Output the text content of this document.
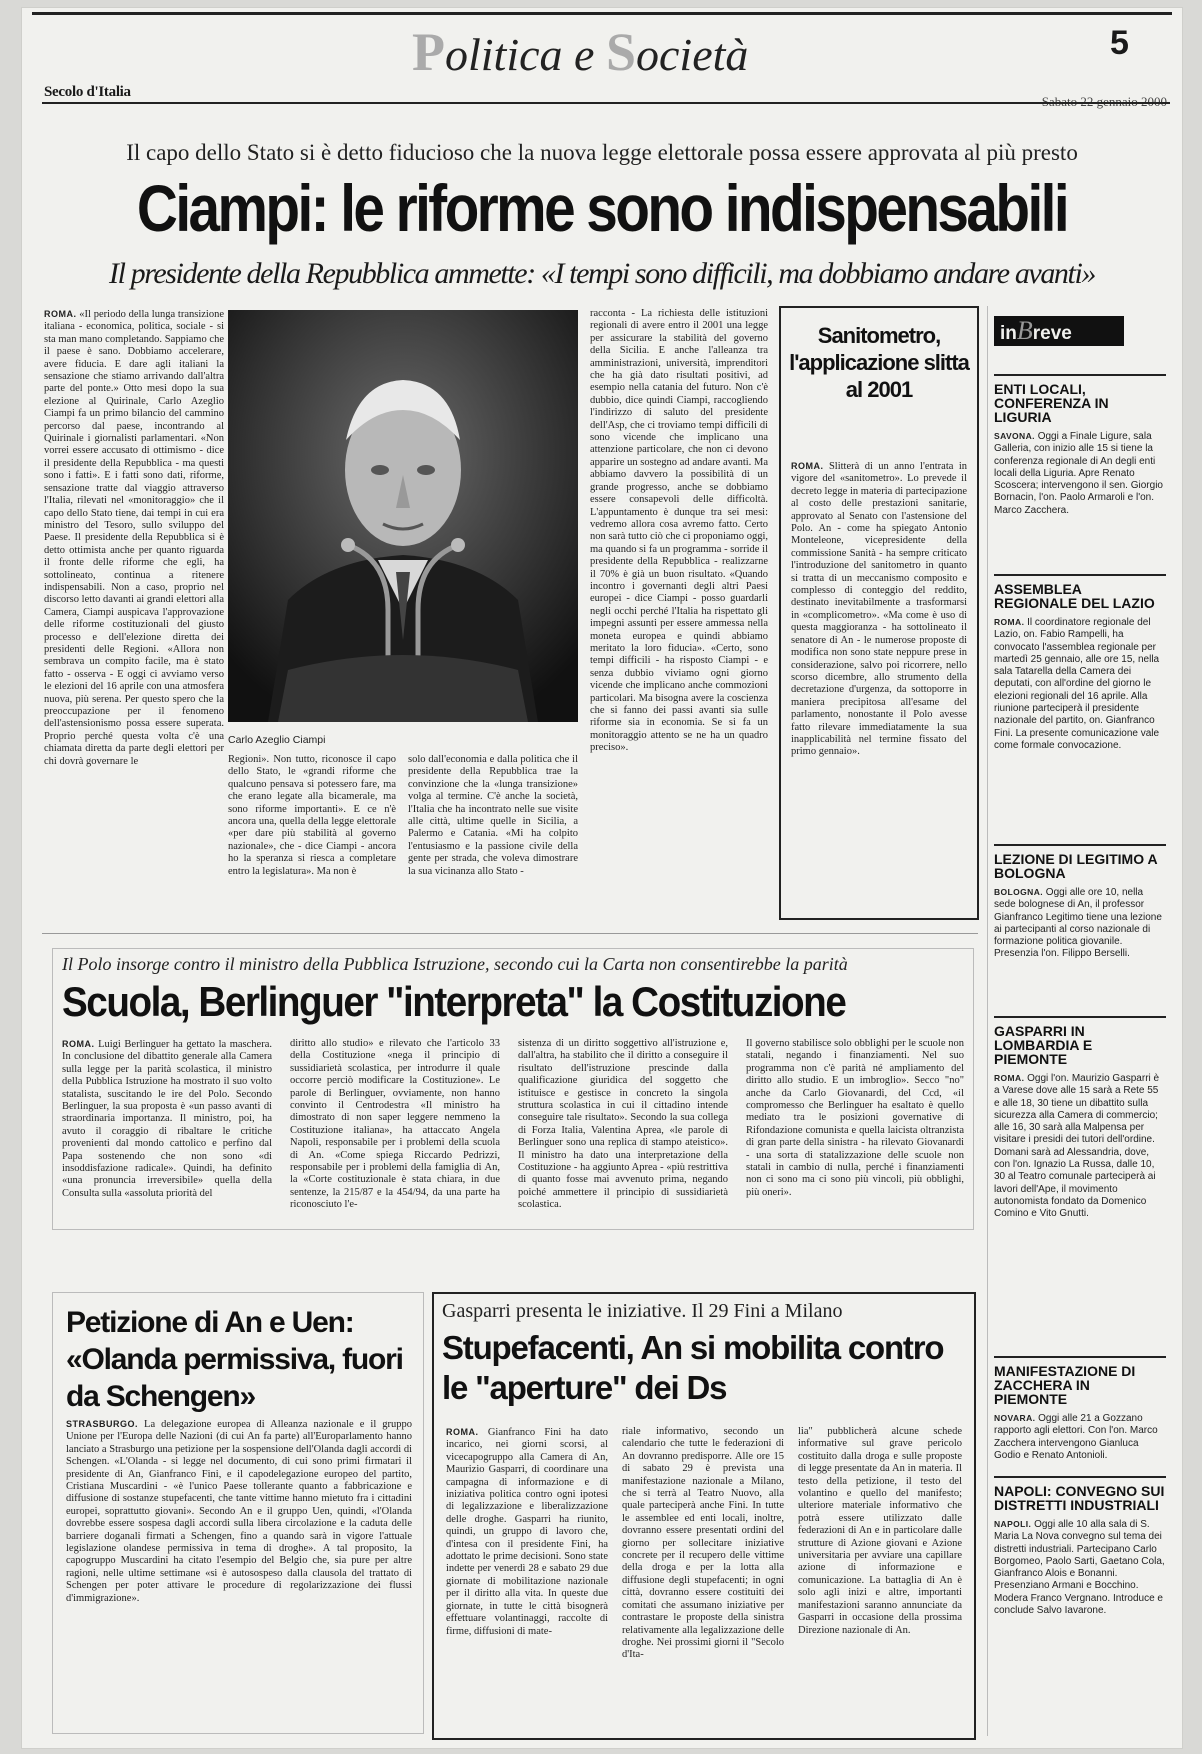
Politica e Società	5
Secolo d'Italia
Il capo dello Stato si è detto fiducioso che la nuova legge elettorale possa essere approvata al più presto
Ciampi: le riforme sono indispensabili
Il presidente della Repubblica ammette: «I tempi sono difficili, ma dobbiamo andare avanti»
ROMA. «Il periodo della lunga transizione italiana - economica, politica, sociale - si sta man mano completando. Sappiamo che il paese è sano. Dobbiamo accelerare, avere fiducia. E dare agli italiani la sensazione che stiamo arrivando dall'altra parte del ponte.» Otto mesi dopo la sua elezione al Quirinale, Carlo Azeglio Ciampi fa un primo bilancio del cammino percorso dal paese, incontrando al Quirinale i giornalisti parlamentari. «Non vorrei essere accusato di ottimismo - dice il presidente della Repubblica - ma questi sono i fatti». E i fatti sono dati, riforme, sensazione tratte dal viaggio attraverso l'Italia, rilevati nel «monitoraggio» che il capo dello Stato tiene, dai tempi in cui era ministro del Tesoro, sullo sviluppo del Paese. Il presidente della Repubblica si è detto ottimista anche per quanto riguarda il fronte delle riforme che egli, ha sottolineato, continua a ritenere indispensabili. Non a caso, proprio nel discorso letto davanti ai grandi elettori alla Camera, Ciampi auspicava l'approvazione delle riforme costituzionali del giusto processo e dell'elezione diretta dei presidenti delle Regioni. «Allora non sembrava un compito facile, ma è stato fatto - osserva - E oggi ci avviamo verso le elezioni del 16 aprile con una atmosfera nuova, più serena. Per questo spero che la preoccupazione per il fenomeno dell'astensionismo possa essere superata. Proprio perché questa volta c'è una chiamata diretta da parte degli elettori per chi dovrà governare le
Carlo Azeglio Ciampi
Regioni». Non tutto, riconosce il capo dello Stato, le «grandi riforme che qualcuno pensava si potessero fare, ma che erano legate alla bicamerale, ma sono riforme importanti». E ce n'è ancora una, quella della legge elettorale «per dare più stabilità al governo nazionale», che - dice Ciampi - ancora ho la speranza si riesca a completare entro la legislatura». Ma non è
solo dall'economia e dalla politica che il presidente della Repubblica trae la convinzione che la «lunga transizione» volga al termine. C'è anche la società, l'Italia che ha incontrato nelle sue visite alle città, ultime quelle in Sicilia, a Palermo e Catania. «Mi ha colpito l'entusiasmo e la passione civile della gente per strada, che voleva dimostrare la sua vicinanza allo Stato -
racconta - La richiesta delle istituzioni regionali di avere entro il 2001 una legge per assicurare la stabilità del governo della Sicilia. E anche l'alleanza tra amministrazioni, università, imprenditori che ha già dato risultati positivi, ad esempio nella catania del futuro. Non c'è dubbio, dice quindi Ciampi, raccogliendo l'indirizzo di saluto del presidente dell'Asp, che ci troviamo tempi difficili di sono vicende che implicano una attenzione particolare, che non ci devono apparire un sostegno ad andare avanti. Ma abbiamo davvero la possibilità di un grande progresso, anche se dobbiamo essere consapevoli delle difficoltà. L'appuntamento è dunque tra sei mesi: vedremo allora cosa avremo fatto. Certo non sarà tutto ciò che ci proponiamo oggi, ma quando si fa un programma - sorride il presidente della Repubblica - realizzarne il 70% è già un buon risultato. «Quando incontro i governanti degli altri Paesi europei - dice Ciampi - posso guardarli negli occhi perché l'Italia ha rispettato gli impegni assunti per essere ammessa nella moneta europea e quindi abbiamo meritato la loro fiducia». «Certo, sono tempi difficili - ha risposto Ciampi - e senza dubbio viviamo ogni giorno vicende che implicano anche commozioni particolari. Ma bisogna avere la coscienza che si fanno dei passi avanti sia sulle riforme sia in economia. Se si fa un monitoraggio attento se ne ha un quadro preciso».
Sanitometro, l'applicazione slitta al 2001
ROMA. Slitterà di un anno l'entrata in vigore del «sanitometro». Lo prevede il decreto legge in materia di partecipazione al costo delle prestazioni sanitarie, approvato al Senato con l'astensione del Polo. An - come ha spiegato Antonio Monteleone, vicepresidente della commissione Sanità - ha sempre criticato l'introduzione del sanitometro in quanto si tratta di un meccanismo composito e complesso di conteggio del reddito, destinato inevitabilmente a trasformarsi in «complicometro». «Ma come è uso di questa maggioranza - ha sottolineato il senatore di An - le numerose proposte di modifica non sono state neppure prese in considerazione, salvo poi ricorrere, nello scorso dicembre, allo strumento della decretazione d'urgenza, da sottoporre in maniera precipitosa all'esame del parlamento, nonostante il Polo avesse fatto rilevare immediatamente la sua inapplicabilità nel termine fissato del primo gennaio».
inBreve
ENTI LOCALI, CONFERENZA IN LIGURIA
SAVONA. Oggi a Finale Ligure, sala Galleria, con inizio alle 15 si tiene la conferenza regionale di An degli enti locali della Liguria. Apre Renato Scoscera; intervengono il sen. Giorgio Bornacin, l'on. Paolo Armaroli e l'on. Marco Zacchera.
ASSEMBLEA REGIONALE DEL LAZIO
ROMA. Il coordinatore regionale del Lazio, on. Fabio Rampelli, ha convocato l'assemblea regionale per martedì 25 gennaio, alle ore 15, nella sala Tatarella della Camera dei deputati, con all'ordine del giorno le elezioni regionali del 16 aprile. Alla riunione parteciperà il presidente nazionale del partito, on. Gianfranco Fini. La presente comunicazione vale come formale convocazione.
LEZIONE DI LEGITIMO A BOLOGNA
BOLOGNA. Oggi alle ore 10, nella sede bolognese di An, il professor Gianfranco Legitimo tiene una lezione ai partecipanti al corso nazionale di formazione politica giovanile. Presenzia l'on. Filippo Berselli.
GASPARRI IN LOMBARDIA E PIEMONTE
ROMA. Oggi l'on. Maurizio Gasparri è a Varese dove alle 15 sarà a Rete 55 e alle 18, 30 tiene un dibattito sulla sicurezza alla Camera di commercio; alle 16, 30 sarà alla Malpensa per visitare i presidi dei tutori dell'ordine. Domani sarà ad Alessandria, dove, con l'on. Ignazio La Russa, dalle 10, 30 al Teatro comunale parteciperà ai lavori dell'Ape, il movimento autonomista fondato da Domenico Comino e Vito Gnutti.
MANIFESTAZIONE DI ZACCHERA IN PIEMONTE
NOVARA. Oggi alle 21 a Gozzano rapporto agli elettori. Con l'on. Marco Zacchera intervengono Gianluca Godio e Renato Antonioli.
NAPOLI: CONVEGNO SUI DISTRETTI INDUSTRIALI
NAPOLI. Oggi alle 10 alla sala di S. Maria La Nova convegno sul tema dei distretti industriali. Partecipano Carlo Borgomeo, Paolo Sarti, Gaetano Cola, Gianfranco Alois e Bonanni. Presenziano Armani e Bocchino. Modera Franco Vergnano. Introduce e conclude Salvo Iavarone.
Il Polo insorge contro il ministro della Pubblica Istruzione, secondo cui la Carta non consentirebbe la parità
Scuola, Berlinguer "interpreta" la Costituzione
ROMA. Luigi Berlinguer ha gettato la maschera. In conclusione del dibattito generale alla Camera sulla legge per la parità scolastica, il ministro della Pubblica Istruzione ha mostrato il suo volto statalista, suscitando le ire del Polo. Secondo Berlinguer, la sua proposta è «un passo avanti di straordinaria importanza. Il ministro, poi, ha avuto il coraggio di ribaltare le critiche provenienti dal mondo cattolico e perfino dal Papa sostenendo che non sono «di insoddisfazione radicale». Quindi, ha definito «una pronuncia irreversibile» quella della Consulta sulla «assoluta priorità del
diritto allo studio» e rilevato che l'articolo 33 della Costituzione «nega il principio di sussidiarietà scolastica, per introdurre il quale occorre perciò modificare la Costituzione». Le parole di Berlinguer, ovviamente, non hanno convinto il Centrodestra «Il ministro ha dimostrato di non saper leggere nemmeno la Costituzione italiana», ha attaccato Angela Napoli, responsabile per i problemi della scuola di An. «Come spiega Riccardo Pedrizzi, responsabile per i problemi della famiglia di An, la «Corte costituzionale è stata chiara, in due sentenze, la 215/87 e la 454/94, da una parte ha riconosciuto l'e-
sistenza di un diritto soggettivo all'istruzione e, dall'altra, ha stabilito che il diritto a conseguire il risultato dell'istruzione prescinde dalla qualificazione giuridica del soggetto che istituisce e gestisce in concreto la singola struttura scolastica in cui il cittadino intende conseguire tale risultato». Secondo la sua collega di Forza Italia, Valentina Aprea, «le parole di Berlinguer sono una replica di stampo ateistico». Il ministro ha dato una interpretazione della Costituzione - ha aggiunto Aprea - «più restrittiva di quanto fosse mai avvenuto prima, negando poiché ammettere il principio di sussidiarietà scolastica.
Il governo stabilisce solo obblighi per le scuole non statali, negando i finanziamenti. Nel suo programma non c'è parità né ampliamento del diritto allo studio. E un imbroglio». Secco "no" anche da Carlo Giovanardi, del Ccd, «il compromesso che Berlinguer ha esaltato è quello mediato tra le posizioni governative di Rifondazione comunista e quella laicista oltranzista di gran parte della sinistra - ha rilevato Giovanardi - una sorta di statalizzazione delle scuole non statali in cambio di nulla, perché i finanziamenti non ci sono ma ci sono più vincoli, più obblighi, più oneri».
Petizione di An e Uen: «Olanda permissiva, fuori da Schengen»
STRASBURGO. La delegazione europea di Alleanza nazionale e il gruppo Unione per l'Europa delle Nazioni (di cui An fa parte) all'Europarlamento hanno lanciato a Strasburgo una petizione per la sospensione dell'Olanda dagli accordi di Schengen. «L'Olanda - si legge nel documento, di cui sono primi firmatari il presidente di An, Gianfranco Fini, e il capodelegazione europeo del partito, Cristiana Muscardini - «è l'unico Paese tollerante quanto a fabbricazione e diffusione di sostanze stupefacenti, che tante vittime hanno mietuto fra i cittadini europei, soprattutto giovani». Secondo An e il gruppo Uen, quindi, «l'Olanda dovrebbe essere sospesa dagli accordi sulla libera circolazione e la caduta delle barriere doganali firmati a Schengen, fino a quando sarà in vigore l'attuale legislazione olandese permissiva in tema di droghe». A tal proposito, la capogruppo Muscardini ha citato l'esempio del Belgio che, sia pure per altre ragioni, nelle ultime settimane «si è autosospeso dalla clausola del trattato di Schengen per poter attivare le procedure di regolarizzazione dei flussi d'immigrazione».
Gasparri presenta le iniziative. Il 29 Fini a Milano
Stupefacenti, An si mobilita contro le "aperture" dei Ds
ROMA. Gianfranco Fini ha dato incarico, nei giorni scorsi, al vicecapogruppo alla Camera di An, Maurizio Gasparri, di coordinare una campagna di informazione e di iniziativa politica contro ogni ipotesi di legalizzazione e liberalizzazione delle droghe. Gasparri ha riunito, quindi, un gruppo di lavoro che, d'intesa con il presidente Fini, ha adottato le prime decisioni. Sono state indette per venerdì 28 e sabato 29 due giornate di mobilitazione nazionale per il diritto alla vita. In queste due giornate, in tutte le città bisognerà effettuare volantinaggi, raccolte di firme, diffusioni di mate-
riale informativo, secondo un calendario che tutte le federazioni di An dovranno predisporre. Alle ore 15 di sabato 29 è prevista una manifestazione nazionale a Milano, che si terrà al Teatro Nuovo, alla quale parteciperà anche Fini. In tutte le assemblee ed enti locali, inoltre, dovranno essere presentati ordini del giorno per sollecitare iniziative concrete per il recupero delle vittime della droga e per la lotta alla diffusione degli stupefacenti; in ogni città, dovranno essere costituiti dei comitati che assumano iniziative per contrastare le proposte della sinistra relativamente alla legalizzazione delle droghe. Nei prossimi giorni il "Secolo d'Ita-
lia" pubblicherà alcune schede informative sul grave pericolo costituito dalla droga e sulle proposte di legge presentate da An in materia. Il testo della petizione, il testo del volantino e quello del manifesto; ulteriore materiale informativo che potrà essere utilizzato dalle federazioni di An e in particolare dalle strutture di Azione giovani e Azione universitaria per avviare una capillare azione di informazione e comunicazione. La battaglia di An è solo agli inizi e altre, importanti manifestazioni saranno annunciate da Gasparri in occasione della prossima Direzione nazionale di An.
